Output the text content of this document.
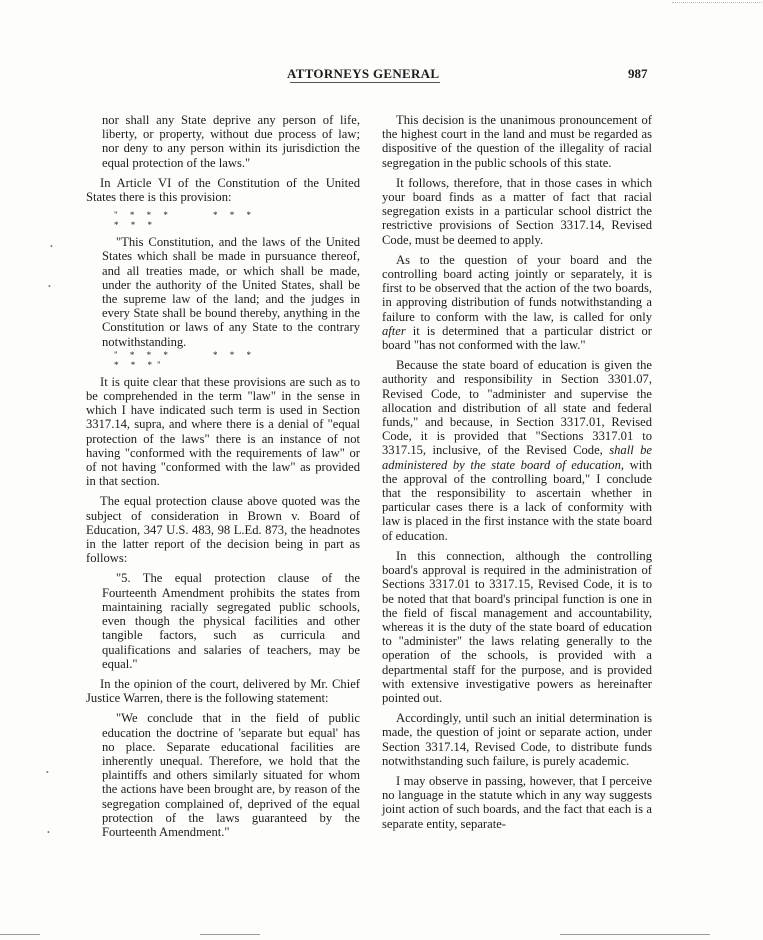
ATTORNEYS GENERAL	987
•
•
•
•

nor shall any State deprive any person of life, liberty, or property, without due process of law; nor deny to any person within its jurisdiction the equal protection of the laws."

In Article VI of the Constitution of the United States there is this provision:

" * * *	* * ** * *

"This Constitution, and the laws of the United States which shall be made in pursuance thereof, and all treaties made, or which shall be made, under the authority of the United States, shall be the supreme law of the land; and the judges in every State shall be bound thereby, anything in the Constitution or laws of any State to the contrary notwithstanding.

" * * *	* * ** * *"

It is quite clear that these provisions are such as to be comprehended in the term "law" in the sense in which I have indicated such term is used in Section 3317.14, supra, and where there is a denial of "equal protection of the laws" there is an instance of not having "conformed with the requirements of law" or of not having "conformed with the law" as provided in that section.

The equal protection clause above quoted was the subject of consideration in Brown v. Board of Education, 347 U.S. 483, 98 L.Ed. 873, the headnotes in the latter report of the decision being in part as follows:

"5. The equal protection clause of the Fourteenth Amendment prohibits the states from maintaining racially segregated public schools, even though the physical facilities and other tangible factors, such as curricula and qualifications and salaries of teachers, may be equal."

In the opinion of the court, delivered by Mr. Chief Justice Warren, there is the following statement:

"We conclude that in the field of public education the doctrine of 'separate but equal' has no place. Separate educational facilities are inherently unequal. Therefore, we hold that the plaintiffs and others similarly situated for whom the actions have been brought are, by reason of the segregation complained of, deprived of the equal protection of the laws guaranteed by the Fourteenth Amendment."

This decision is the unanimous pronouncement of the highest court in the land and must be regarded as dispositive of the question of the illegality of racial segregation in the public schools of this state.

It follows, therefore, that in those cases in which your board finds as a matter of fact that racial segregation exists in a particular school district the restrictive provisions of Section 3317.14, Revised Code, must be deemed to apply.

As to the question of your board and the controlling board acting jointly or separately, it is first to be observed that the action of the two boards, in approving distribution of funds notwithstanding a failure to conform with the law, is called for only after it is determined that a particular district or board "has not conformed with the law."

Because the state board of education is given the authority and responsibility in Section 3301.07, Revised Code, to "administer and supervise the allocation and distribution of all state and federal funds," and because, in Section 3317.01, Revised Code, it is provided that "Sections 3317.01 to 3317.15, inclusive, of the Revised Code, shall be administered by the state board of education, with the approval of the controlling board," I conclude that the responsibility to ascertain whether in particular cases there is a lack of conformity with law is placed in the first instance with the state board of education.

In this connection, although the controlling board's approval is required in the administration of Sections 3317.01 to 3317.15, Revised Code, it is to be noted that that board's principal function is one in the field of fiscal management and accountability, whereas it is the duty of the state board of education to "administer" the laws relating generally to the operation of the schools, is provided with a departmental staff for the purpose, and is provided with extensive investigative powers as hereinafter pointed out.

Accordingly, until such an initial determination is made, the question of joint or separate action, under Section 3317.14, Revised Code, to distribute funds notwithstanding such failure, is purely academic.

I may observe in passing, however, that I perceive no language in the statute which in any way suggests joint action of such boards, and the fact that each is a separate entity, separate-
